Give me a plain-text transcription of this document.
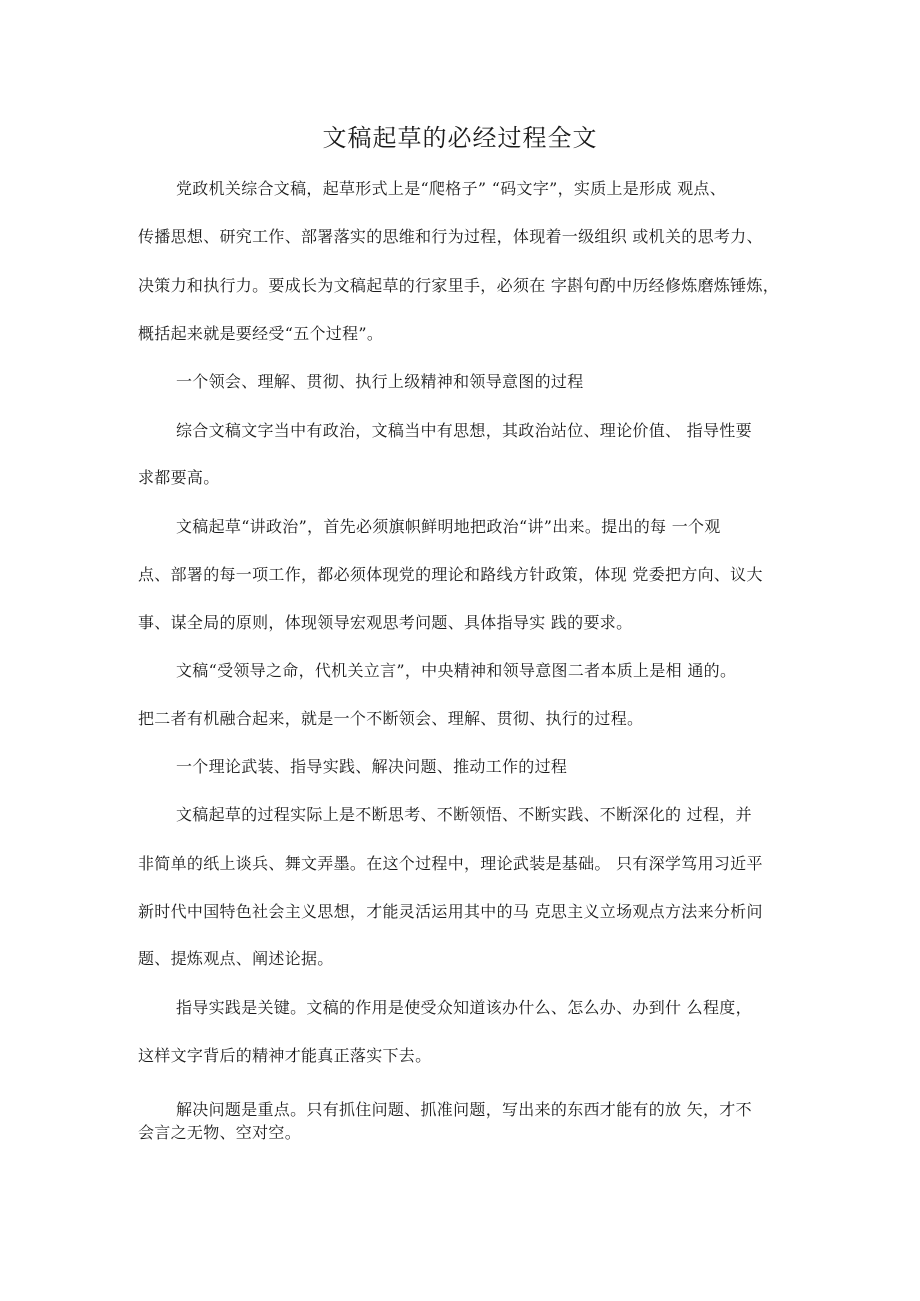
文稿起草的必经过程全文
党政机关综合文稿，起草形式上是“爬格子” “码文字”，实质上是形成 观点、
传播思想、研究工作、部署落实的思维和行为过程，体现着一级组织 或机关的思考力、
决策力和执行力。要成长为文稿起草的行家里手，必须在 字斟句酌中历经修炼磨炼锤炼，
概括起来就是要经受“五个过程”。
一个领会、理解、贯彻、执行上级精神和领导意图的过程
综合文稿文字当中有政治，文稿当中有思想，其政治站位、理论价值、 指导性要
求都要高。
文稿起草“讲政治”，首先必须旗帜鲜明地把政治“讲”出来。提出的每 一个观
点、部署的每一项工作，都必须体现党的理论和路线方针政策，体现 党委把方向、议大
事、谋全局的原则，体现领导宏观思考问题、具体指导实 践的要求。
文稿“受领导之命，代机关立言”，中央精神和领导意图二者本质上是相 通的。
把二者有机融合起来，就是一个不断领会、理解、贯彻、执行的过程。
一个理论武装、指导实践、解决问题、推动工作的过程
文稿起草的过程实际上是不断思考、不断领悟、不断实践、不断深化的 过程，并
非简单的纸上谈兵、舞文弄墨。在这个过程中，理论武装是基础。 只有深学笃用习近平
新时代中国特色社会主义思想，才能灵活运用其中的马 克思主义立场观点方法来分析问
题、提炼观点、阐述论据。
指导实践是关键。文稿的作用是使受众知道该办什么、怎么办、办到什 么程度，
这样文字背后的精神才能真正落实下去。
解决问题是重点。只有抓住问题、抓准问题，写出来的东西才能有的放 矢，才不
会言之无物、空对空。
